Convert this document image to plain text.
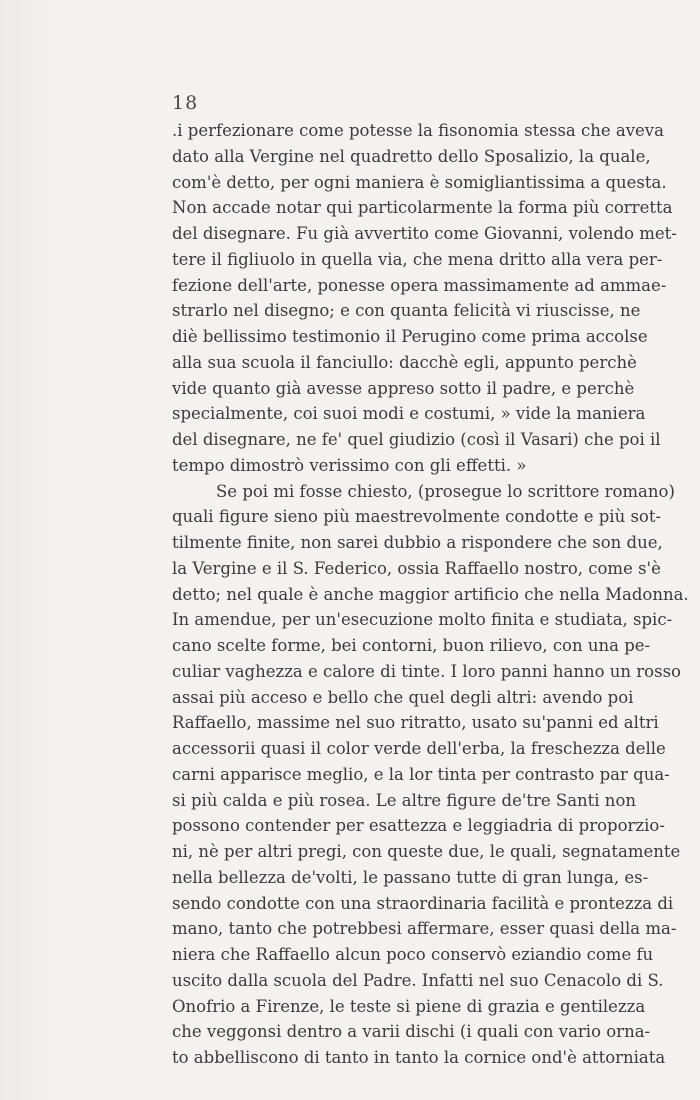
18
.i perfezionare come potesse la fisonomia stessa che aveva
dato alla Vergine nel quadretto dello Sposalizio, la quale,
com'è detto, per ogni maniera è somigliantissima a questa.
Non accade notar qui particolarmente la forma più corretta
del disegnare. Fu già avvertito come Giovanni, volendo met-
tere il figliuolo in quella via, che mena dritto alla vera per-
fezione dell'arte, ponesse opera massimamente ad ammae-
strarlo nel disegno; e con quanta felicità vi riuscisse, ne
diè bellissimo testimonio il Perugino come prima accolse
alla sua scuola il fanciullo: dacchè egli, appunto perchè
vide quanto già avesse appreso sotto il padre, e perchè
specialmente, coi suoi modi e costumi, » vide la maniera
del disegnare, ne fe' quel giudizio (così il Vasari) che poi il
tempo dimostrò verissimo con gli effetti. »
Se poi mi fosse chiesto, (prosegue lo scrittore romano)
quali figure sieno più maestrevolmente condotte e più sot-
tilmente finite, non sarei dubbio a rispondere che son due,
la Vergine e il S. Federico, ossia Raffaello nostro, come s'è
detto; nel quale è anche maggior artificio che nella Madonna.
In amendue, per un'esecuzione molto finita e studiata, spic-
cano scelte forme, bei contorni, buon rilievo, con una pe-
culiar vaghezza e calore di tinte. I loro panni hanno un rosso
assai più acceso e bello che quel degli altri: avendo poi
Raffaello, massime nel suo ritratto, usato su'panni ed altri
accessorii quasi il color verde dell'erba, la freschezza delle
carni apparisce meglio, e la lor tinta per contrasto par qua-
si più calda e più rosea. Le altre figure de'tre Santi non
possono contender per esattezza e leggiadria di proporzio-
ni, nè per altri pregi, con queste due, le quali, segnatamente
nella bellezza de'volti, le passano tutte di gran lunga, es-
sendo condotte con una straordinaria facilità e prontezza di
mano, tanto che potrebbesi affermare, esser quasi della ma-
niera che Raffaello alcun poco conservò eziandio come fu
uscito dalla scuola del Padre. Infatti nel suo Cenacolo di S.
Onofrio a Firenze, le teste si piene di grazia e gentilezza
che veggonsi dentro a varii dischi (i quali con vario orna-
to abbelliscono di tanto in tanto la cornice ond'è attorniata
